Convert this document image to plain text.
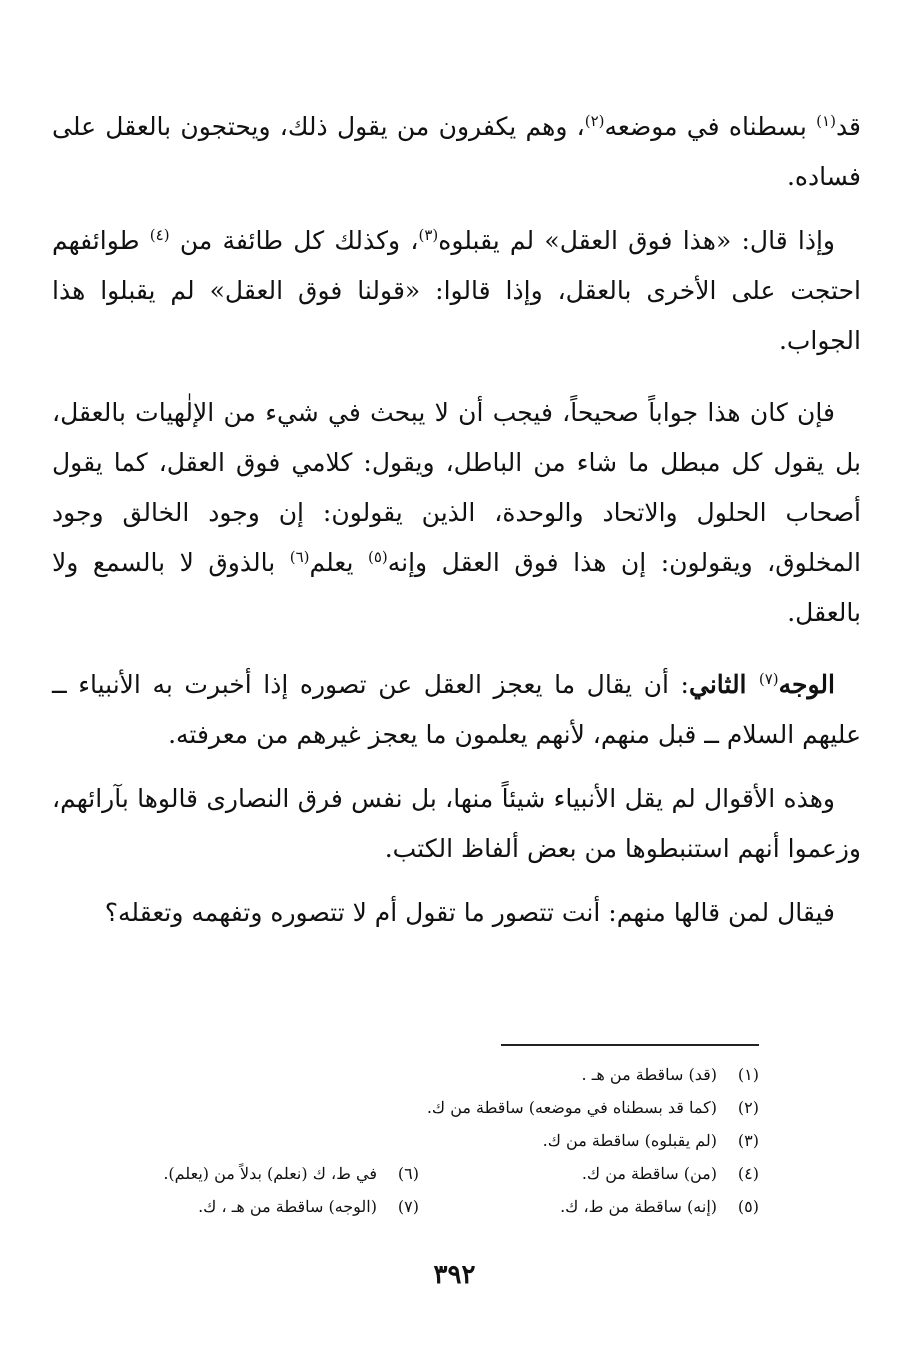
قد$^{(١)}$ بسطناه في موضعه$^{(٢)}$، وهم يكفرون من يقول ذلك، ويحتجون بالعقل على فساده.

وإذا قال: «هذا فوق العقل» لم يقبلوه$^{(٣)}$، وكذلك كل طائفة من $^{(٤)}$ طوائفهم احتجت على الأخرى بالعقل، وإذا قالوا: «قولنا فوق العقل» لم يقبلوا هذا الجواب.

فإن كان هذا جواباً صحيحاً، فيجب أن لا يبحث في شيء من الإلٰهيات بالعقل، بل يقول كل مبطل ما شاء من الباطل، ويقول: كلامي فوق العقل، كما يقول أصحاب الحلول والاتحاد والوحدة، الذين يقولون: إن وجود الخالق وجود المخلوق، ويقولون: إن هذا فوق العقل وإنه$^{(٥)}$ يعلم$^{(٦)}$ بالذوق لا بالسمع ولا بالعقل.

الوجه$^{(٧)}$ الثاني: أن يقال ما يعجز العقل عن تصوره إذا أخبرت به الأنبياء ــ عليهم السلام ــ قبل منهم، لأنهم يعلمون ما يعجز غيرهم من معرفته.

وهذه الأقوال لم يقل الأنبياء شيئاً منها، بل نفس فرق النصارى قالوها بآرائهم، وزعموا أنهم استنبطوها من بعض ألفاظ الكتب.

فيقال لمن قالها منهم: أنت تتصور ما تقول أم لا تتصوره وتفهمه وتعقله؟

(١)(قد) ساقطة من هـ .
(٢)(كما قد بسطناه في موضعه) ساقطة من ك.
(٣)(لم يقبلوه) ساقطة من ك.
(٤)(من) ساقطة من ك.
(٦)في ط، ك (نعلم) بدلاً من (يعلم).
(٥)(إنه) ساقطة من ط، ك.
(٧)(الوجه) ساقطة من هـ ، ك.
٣٩٢
